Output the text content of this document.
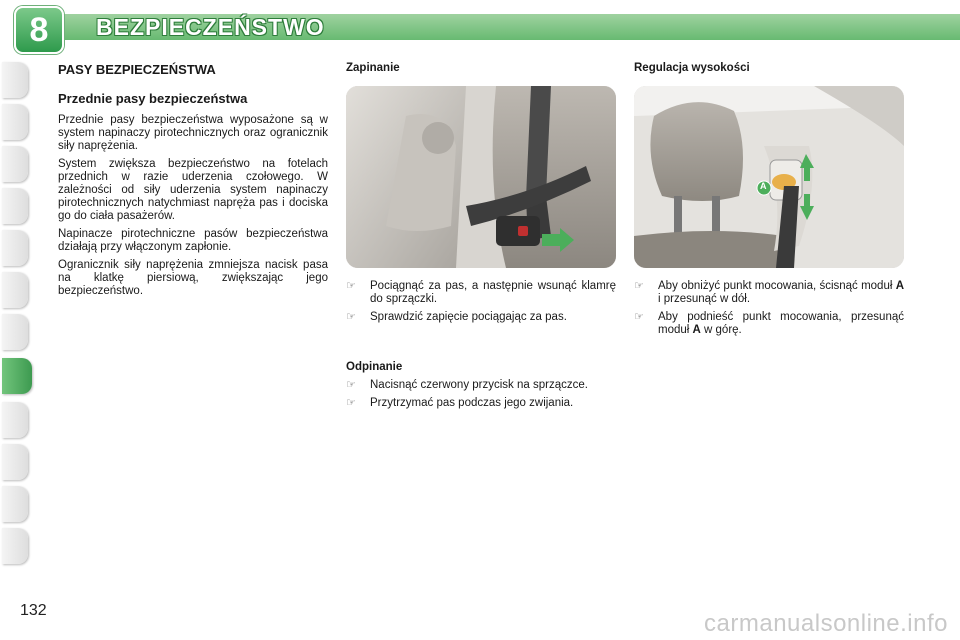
8	BEZPIECZEŃSTWO
PASY BEZPIECZEŃSTWA
Przednie pasy bezpieczeństwa

Przednie pasy bezpieczeństwa wyposażone są w system napinaczy pirotechnicznych oraz ogranicznik siły naprężenia.

System zwiększa bezpieczeństwo na fotelach przednich w razie uderzenia czołowego. W zależności od siły uderzenia system napinaczy pirotechnicznych natychmiast napręża pas i dociska go do ciała pasażerów.

Napinacze pirotechniczne pasów bezpieczeństwa działają przy włączonym zapłonie.

Ogranicznik siły naprężenia zmniejsza nacisk pasa na klatkę piersiową, zwiększając jego bezpieczeństwo.

Zapinanie
☞ Pociągnąć za pas, a następnie wsunąć klamrę do sprzączki.
☞ Sprawdzić zapięcie pociągając za pas.
Odpinanie
☞ Nacisnąć czerwony przycisk na sprzączce.
☞ Przytrzymać pas podczas jego zwijania.
Regulacja wysokości
A
☞ Aby obniżyć punkt mocowania, ścisnąć moduł A i przesunąć w dół.
☞ Aby podnieść punkt mocowania, przesunąć moduł A w górę.
132	carmanualsonline.info
